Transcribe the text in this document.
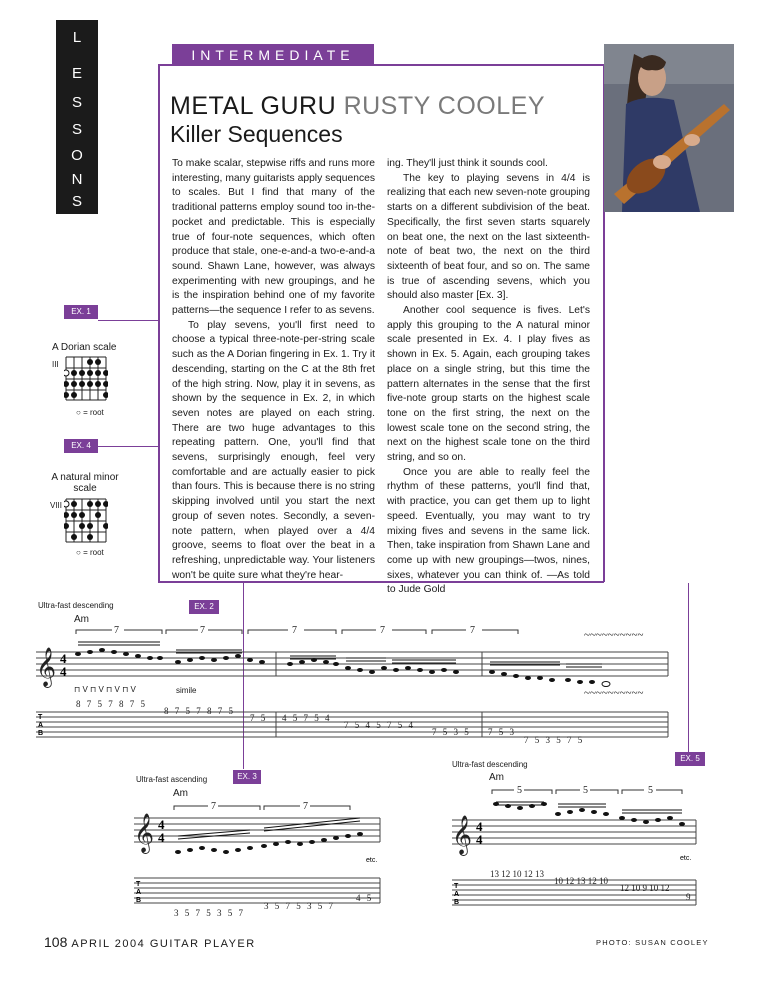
L
E
S
S
O
N
S
INTERMEDIATE
METAL GURU RUSTY COOLEY
Killer Sequences

To make scalar, stepwise riffs and runs more interesting, many guitarists apply sequences to scales. But I find that many of the traditional patterns employ sound too in-the-pocket and predictable. This is especially true of four-note sequences, which often produce that stale, one-e-and-a two-e-and-a sound. Shawn Lane, however, was always experimenting with new groupings, and he is the inspiration behind one of my favorite patterns—the sequence I refer to as sevens.

To play sevens, you'll first need to choose a typical three-note-per-string scale such as the A Dorian fingering in Ex. 1. Try it descending, starting on the C at the 8th fret of the high string. Now, play it in sevens, as shown by the sequence in Ex. 2, in which seven notes are played on each string. There are two huge advantages to this repeating pattern. One, you'll find that sevens, surprisingly enough, feel very comfortable and are actually easier to pick than fours. This is because there is no string skipping involved until you start the next group of seven notes. Secondly, a seven-note pattern, when played over a 4/4 groove, seems to float over the beat in a refreshing, unpredictable way. Your listeners won't be quite sure what they're hear-

ing. They'll just think it sounds cool.

The key to playing sevens in 4/4 is realizing that each new seven-note grouping starts on a different subdivision of the beat. Specifically, the first seven starts squarely on beat one, the next on the last sixteenth-note of beat two, the next on the third sixteenth of beat four, and so on. The same is true of ascending sevens, which you should also master [Ex. 3].

Another cool sequence is fives. Let's apply this grouping to the A natural minor scale presented in Ex. 4. I play fives as shown in Ex. 5. Again, each grouping takes place on a single string, but this time the pattern alternates in the sense that the first five-note group starts on the highest scale tone on the first string, the next on the lowest scale tone on the second string, the next on the highest scale tone on the third string, and so on.

Once you are able to really feel the rhythm of these patterns, you'll find that, with practice, you can get them up to light speed. Eventually, you may want to try mixing fives and sevens in the same lick. Then, take inspiration from Shawn Lane and come up with new groupings—twos, nines, sixes, whatever you can think of. —As told to Jude Gold

EX. 1
A Dorian scale
III
○ = root
EX. 4
A natural minor scale
VIII
○ = root
Ultra-fast descending	EX. 2
Am
simile
⊓ V ⊓ V ⊓ V ⊓ V
7	7	7	7	7	~~~~~~~~~~
~~~~~~~~~~
𝄞 4
4
T
A
B
8 7 5 7 8 7 5
8 7 5 7 8 7 5
7 5 4 5 7 5 4
7 5 4 5 7 5 4
7 5 3 5 7 5 3
7 5 3 5 7 5
Ultra-fast descending
EX. 5
Am
Ultra-fast ascending	EX. 3
Am
7	7
𝄞 4
4
etc.
T
A
B
3 5 7 5 3 5 7
3 5 7 5 3 5 7
4 5
5	5	5
𝄞 4
4
etc.
T
A
B
13 12 10 12 13
10 12 13 12 10
12 10 9 10 12
9
108 APRIL 2004 GUITAR PLAYER	PHOTO: SUSAN COOLEY
